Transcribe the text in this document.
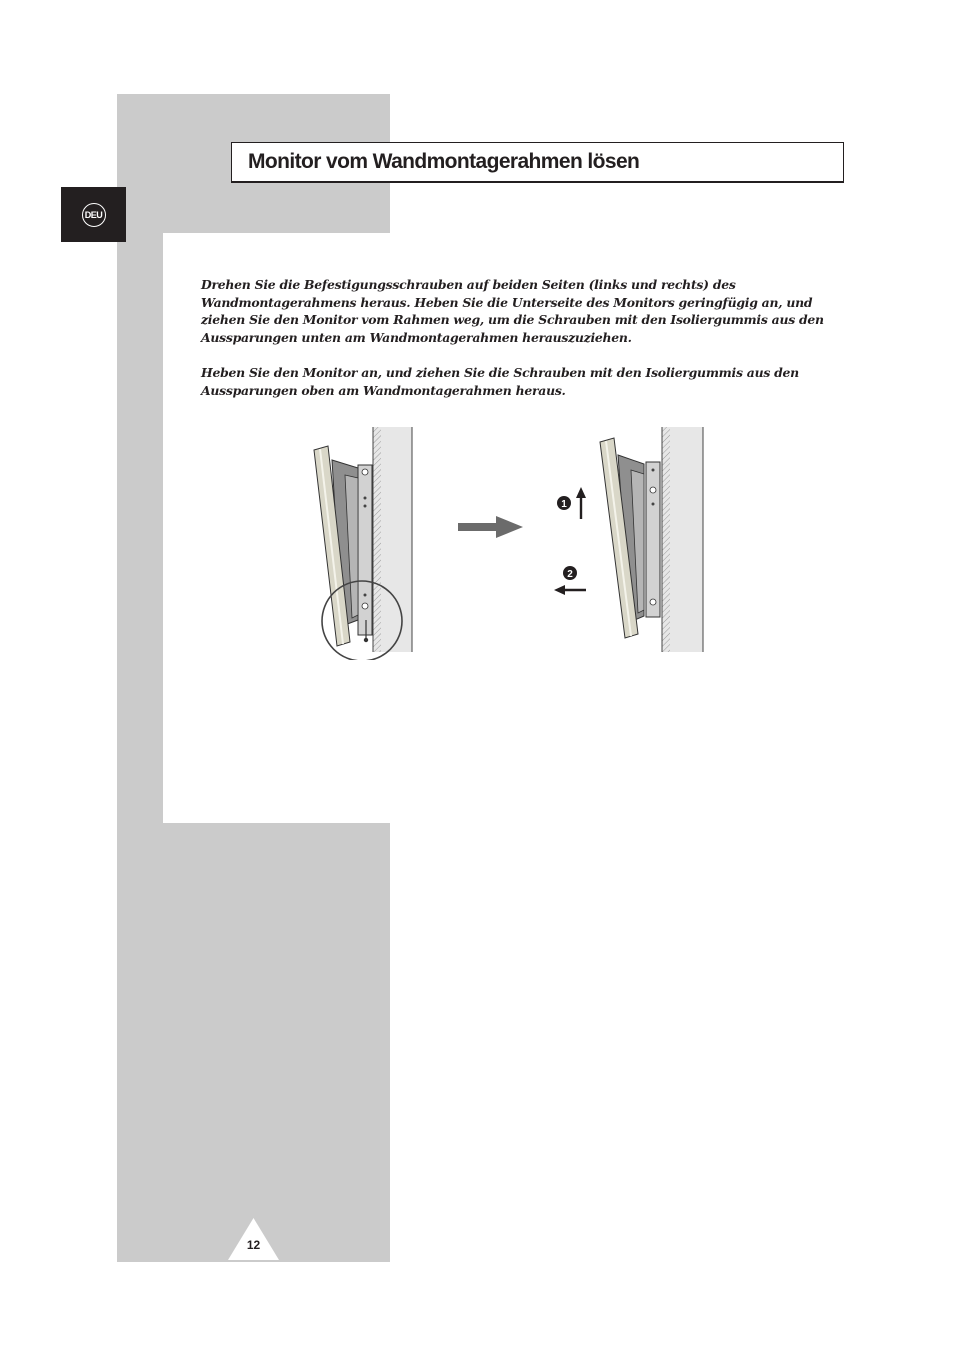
DEU
Monitor vom Wandmontagerahmen lösen

Drehen Sie die Befestigungsschrauben auf beiden Seiten (links und rechts) des Wandmontagerahmens heraus. Heben Sie die Unterseite des Monitors geringfügig an, und ziehen Sie den Monitor vom Rahmen weg, um die Schrauben mit den Isoliergummis aus den Aussparungen unten am Wandmontagerahmen herauszuziehen.

Heben Sie den Monitor an, und ziehen Sie die Schrauben mit den Isoliergummis aus den Aussparungen oben am Wandmontagerahmen heraus.

1
2
12
